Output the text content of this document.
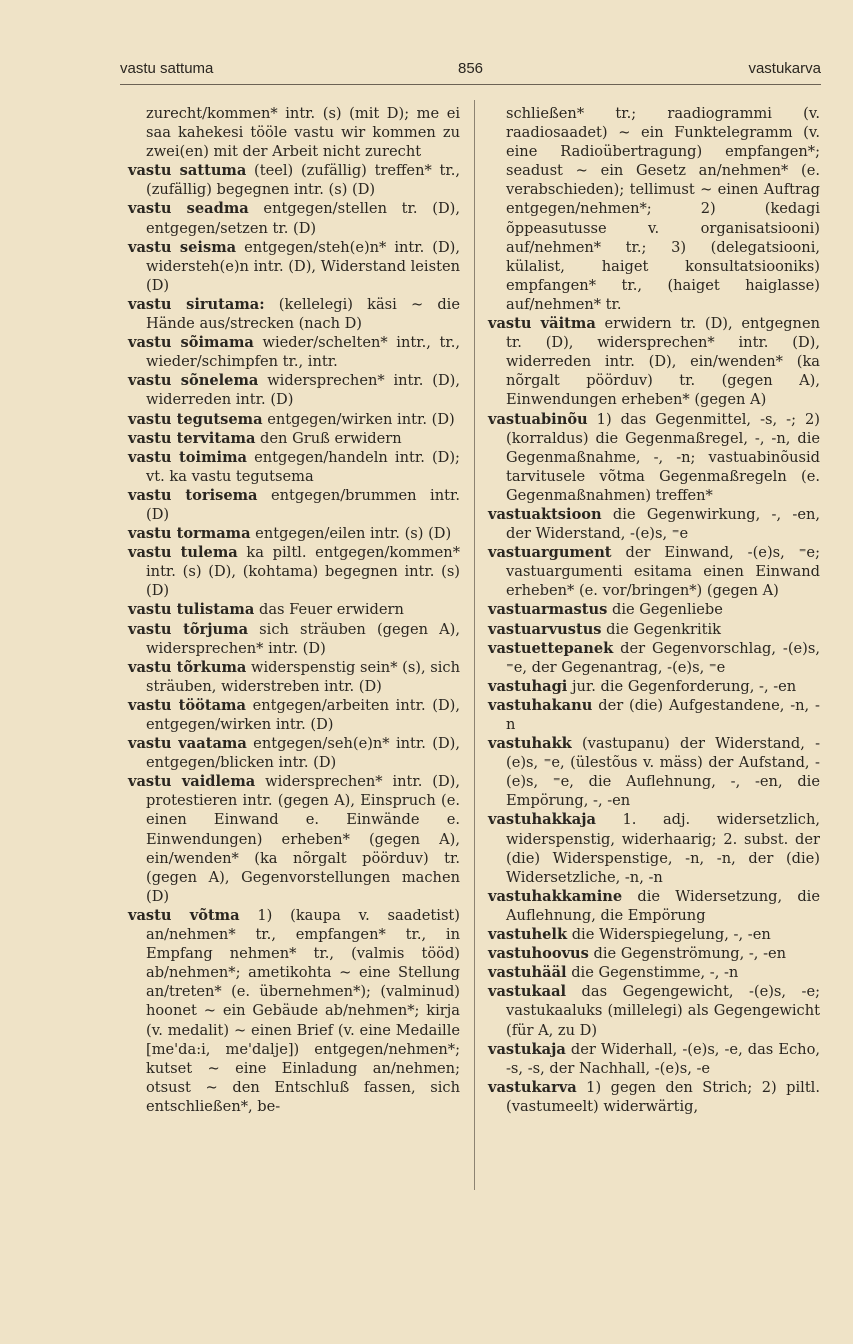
vastu sattuma	856	vastukarva
zurecht/kommen* intr. (s) (mit D); me ei saa kahekesi tööle vastu wir kommen zu zwei(en) mit der Arbeit nicht zurecht
vastu sattuma (teel) (zufällig) treffen* tr., (zufällig) begegnen intr. (s) (D)
vastu seadma entgegen/stellen tr. (D), entgegen/setzen tr. (D)
vastu seisma entgegen/steh(e)n* intr. (D), widersteh(e)n intr. (D), Widerstand leisten (D)
vastu sirutama: (kellelegi) käsi ~ die Hände aus/strecken (nach D)
vastu sõimama wieder/schelten* intr., tr., wieder/schimpfen tr., intr.
vastu sõnelema widersprechen* intr. (D), widerreden intr. (D)
vastu tegutsema entgegen/wirken intr. (D)
vastu tervitama den Gruß erwidern
vastu toimima entgegen/handeln intr. (D); vt. ka vastu tegutsema
vastu torisema entgegen/brummen intr. (D)
vastu tormama entgegen/eilen intr. (s) (D)
vastu tulema ka piltl. entgegen/kommen* intr. (s) (D), (kohtama) begegnen intr. (s) (D)
vastu tulistama das Feuer erwidern
vastu tõrjuma sich sträuben (gegen A), widersprechen* intr. (D)
vastu tõrkuma widerspenstig sein* (s), sich sträuben, widerstreben intr. (D)
vastu töötama entgegen/arbeiten intr. (D), entgegen/wirken intr. (D)
vastu vaatama entgegen/seh(e)n* intr. (D), entgegen/blicken intr. (D)
vastu vaidlema widersprechen* intr. (D), protestieren intr. (gegen A), Einspruch (e. einen Einwand e. Einwände e. Einwendungen) erheben* (gegen A), ein/wenden* (ka nõrgalt pöörduv) tr. (gegen A), Gegenvorstellungen machen (D)
vastu võtma 1) (kaupa v. saadetist) an/nehmen* tr., empfangen* tr., in Empfang nehmen* tr., (valmis tööd) ab/nehmen*; ametikohta ~ eine Stellung an/treten* (e. übernehmen*); (valminud) hoonet ~ ein Gebäude ab/nehmen*; kirja (v. medalit) ~ einen Brief (v. eine Medaille [me'da:i, me'dalje]) entgegen/nehmen*; kutset ~ eine Einladung an/nehmen; otsust ~ den Entschluß fassen, sich entschließen*, be-
schließen* tr.; raadiogrammi (v. raadiosaadet) ~ ein Funktelegramm (v. eine Radioübertragung) empfangen*; seadust ~ ein Gesetz an/nehmen* (e. verabschieden); tellimust ~ einen Auftrag entgegen/nehmen*; 2) (kedagi õppeasutusse v. organisatsiooni) auf/nehmen* tr.; 3) (delegatsiooni, külalist, haiget konsultatsiooniks) empfangen* tr., (haiget haiglasse) auf/nehmen* tr.
vastu väitma erwidern tr. (D), entgegnen tr. (D), widersprechen* intr. (D), widerreden intr. (D), ein/wenden* (ka nõrgalt pöörduv) tr. (gegen A), Einwendungen erheben* (gegen A)
vastuabinõu 1) das Gegenmittel, -s, -; 2) (korraldus) die Gegenmaßregel, -, -n, die Gegenmaßnahme, -, -n; vastuabinõusid tarvitusele võtma Gegenmaßregeln (e. Gegenmaßnahmen) treffen*
vastuaktsioon die Gegenwirkung, -, -en, der Widerstand, -(e)s, ⁼e
vastuargument der Einwand, -(e)s, ⁼e; vastuargumenti esitama einen Einwand erheben* (e. vor/bringen*) (gegen A)
vastuarmastus die Gegenliebe
vastuarvustus die Gegenkritik
vastuettepanek der Gegenvorschlag, -(e)s, ⁼e, der Gegenantrag, -(e)s, ⁼e
vastuhagi jur. die Gegenforderung, -, -en
vastuhakanu der (die) Aufgestandene, -n, -n
vastuhakk (vastupanu) der Widerstand, -(e)s, ⁼e, (ülestõus v. mäss) der Aufstand, -(e)s, ⁼e, die Auflehnung, -, -en, die Empörung, -, -en
vastuhakkaja 1. adj. widersetzlich, widerspenstig, widerhaarig; 2. subst. der (die) Widerspenstige, -n, -n, der (die) Widersetzliche, -n, -n
vastuhakkamine die Widersetzung, die Auflehnung, die Empörung
vastuhelk die Widerspiegelung, -, -en
vastuhoovus die Gegenströmung, -, -en
vastuhääl die Gegenstimme, -, -n
vastukaal das Gegengewicht, -(e)s, -e; vastukaaluks (millelegi) als Gegengewicht (für A, zu D)
vastukaja der Widerhall, -(e)s, -e, das Echo, -s, -s, der Nachhall, -(e)s, -e
vastukarva 1) gegen den Strich; 2) piltl. (vastumeelt) widerwärtig,
